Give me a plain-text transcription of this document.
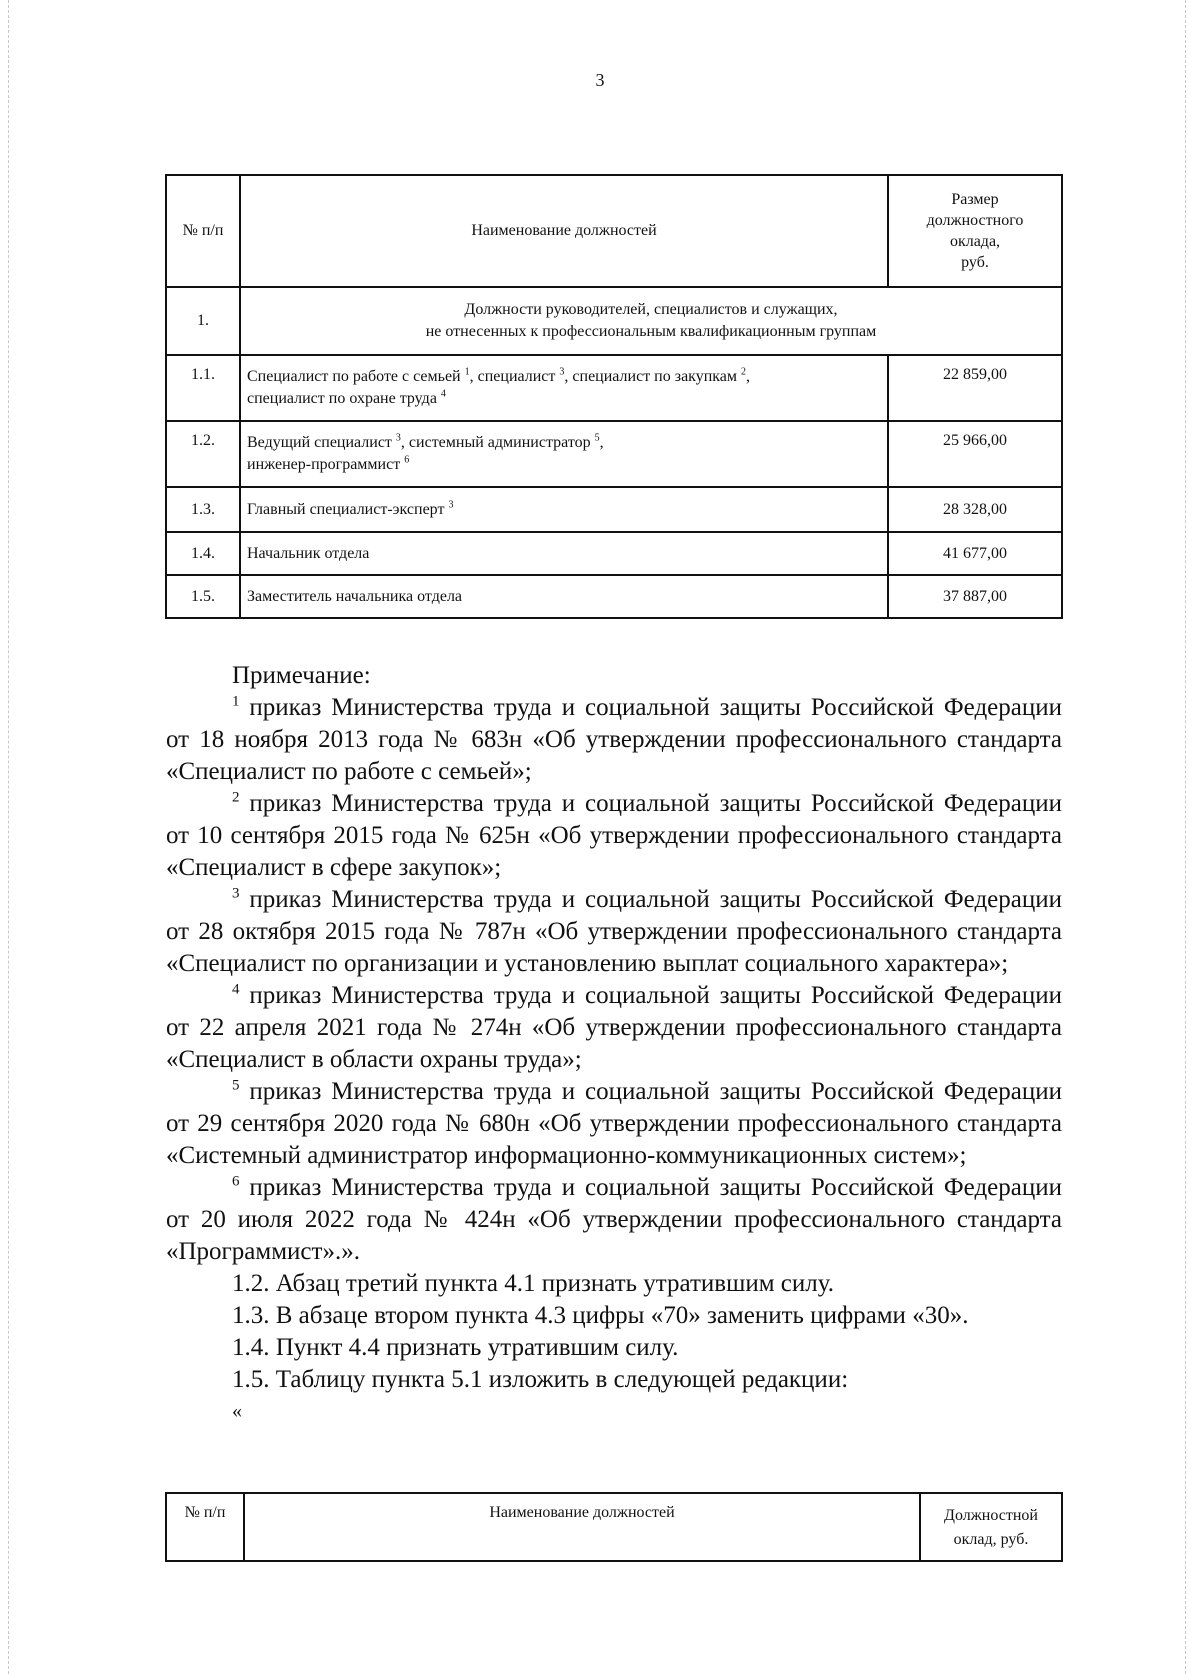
3
№ п/п	Наименование должностей	Размер
должностного
оклада,
руб.

1.	Должности руководителей, специалистов и служащих,
не отнесенных к профессиональным квалификационным группам	

1.1.	Специалист по работе с семьей $^1$, специалист $^3$, специалист по закупкам $^2$,
специалист по охране труда $^4$	22 859,00
1.2.	Ведущий специалист $^3$, системный администратор $^5$,
инженер-программист $^6$	25 966,00
1.3.	Главный специалист-эксперт $^3$	28 328,00
1.4.	Начальник отдела	41 677,00
1.5.	Заместитель начальника отдела	37 887,00

Примечание:

$^1$ приказ Министерства труда и социальной защиты Российской Федерации от 18 ноября 2013 года № 683н «Об утверждении профессионального стандарта «Специалист по работе с семьей»;

$^2$ приказ Министерства труда и социальной защиты Российской Федерации от 10 сентября 2015 года № 625н «Об утверждении профессионального стандарта «Специалист в сфере закупок»;

$^3$ приказ Министерства труда и социальной защиты Российской Федерации от 28 октября 2015 года № 787н «Об утверждении профессионального стандарта «Специалист по организации и установлению выплат социального характера»;

$^4$ приказ Министерства труда и социальной защиты Российской Федерации от 22 апреля 2021 года № 274н «Об утверждении профессионального стандарта «Специалист в области охраны труда»;

$^5$ приказ Министерства труда и социальной защиты Российской Федерации от 29 сентября 2020 года № 680н «Об утверждении профессионального стандарта «Системный администратор информационно-коммуникационных систем»;

$^6$ приказ Министерства труда и социальной защиты Российской Федерации от 20 июля 2022 года № 424н «Об утверждении профессионального стандарта «Программист».».

1.2. Абзац третий пункта 4.1 признать утратившим силу.

1.3. В абзаце втором пункта 4.3 цифры «70» заменить цифрами «30».

1.4. Пункт 4.4 признать утратившим силу.

1.5. Таблицу пункта 5.1 изложить в следующей редакции:

«

№ п/п	Наименование должностей	Должностной
оклад, руб.
